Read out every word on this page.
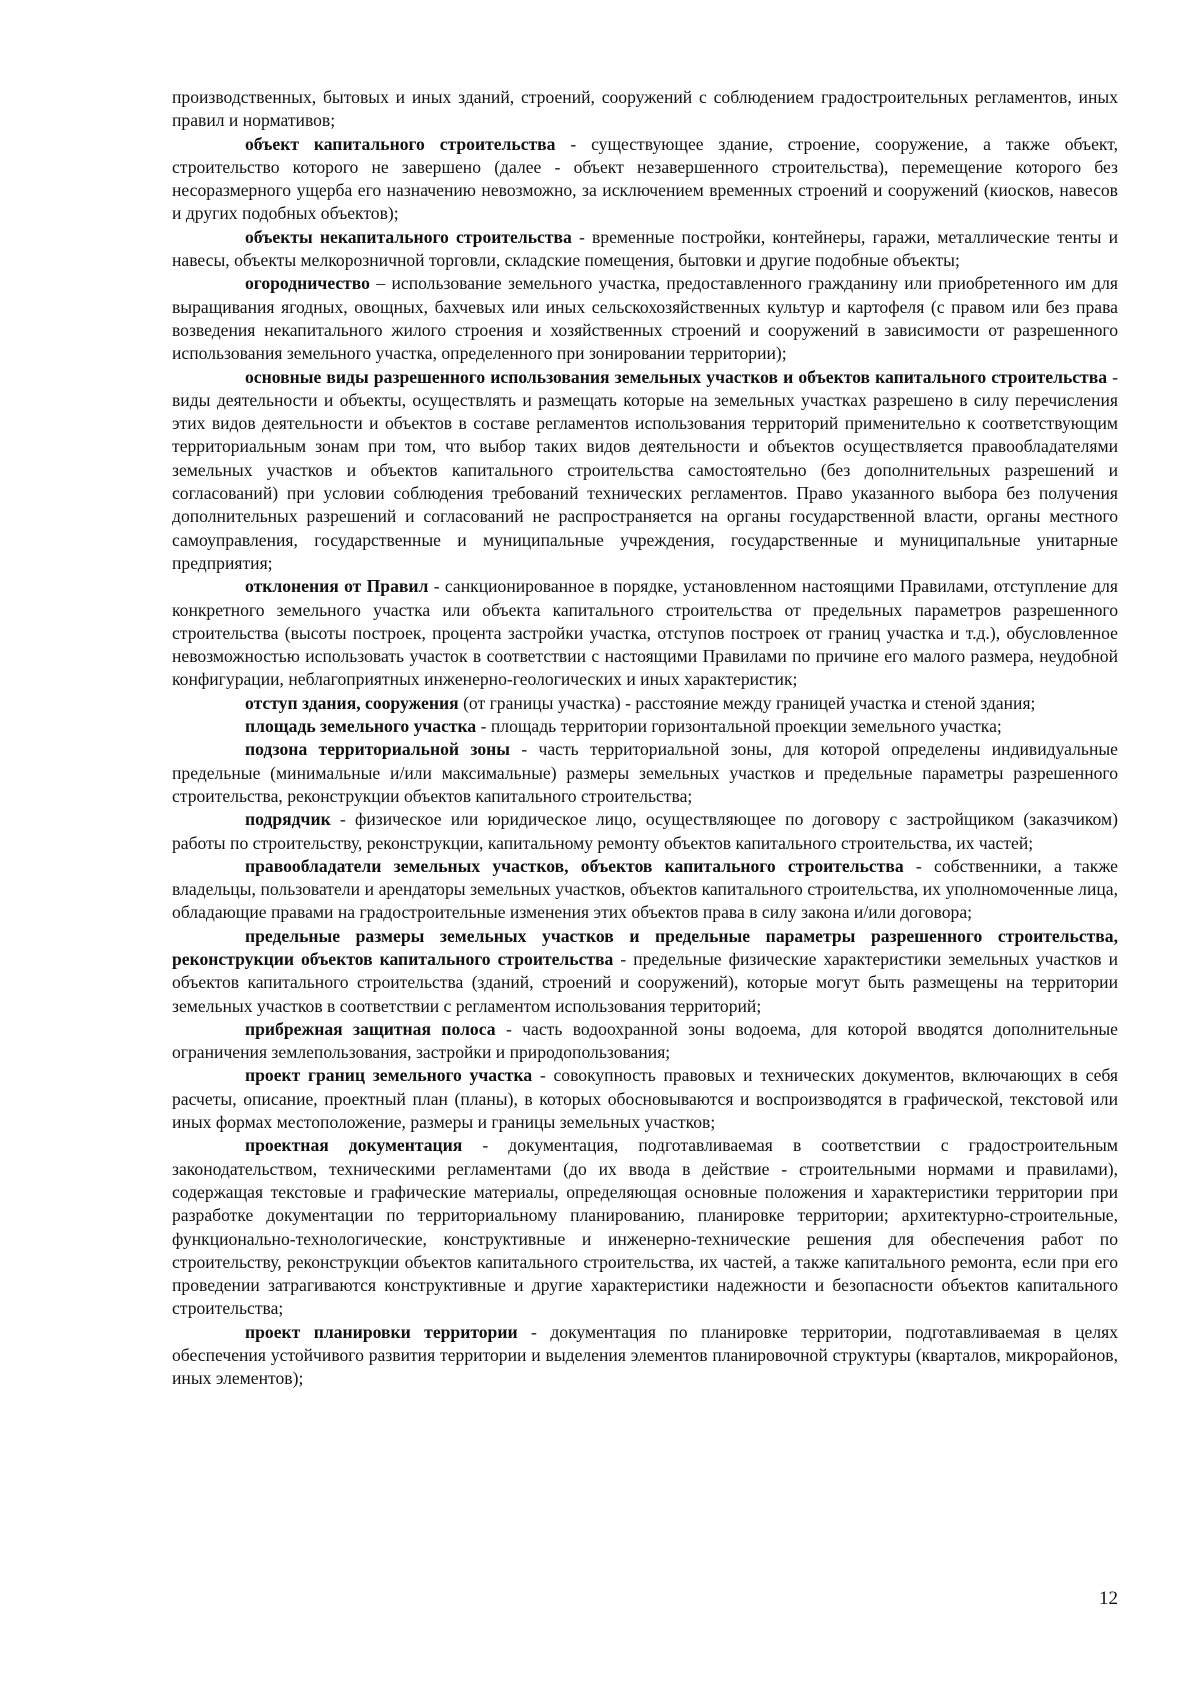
производственных, бытовых и иных зданий, строений, сооружений с соблюдением градостроительных регламентов, иных правил и нормативов;

объект капитального строительства - существующее здание, строение, сооружение, а также объект, строительство которого не завершено (далее - объект незавершенного строительства), перемещение которого без несоразмерного ущерба его назначению невозможно, за исключением временных строений и сооружений (киосков, навесов и других подобных объектов);

объекты некапитального строительства - временные постройки, контейнеры, гаражи, металлические тенты и навесы, объекты мелкорозничной торговли, складские помещения, бытовки и другие подобные объекты;

огородничество – использование земельного участка, предоставленного гражданину или приобретенного им для выращивания ягодных, овощных, бахчевых или иных сельскохозяйственных культур и картофеля (с правом или без права возведения некапитального жилого строения и хозяйственных строений и сооружений в зависимости от разрешенного использования земельного участка, определенного при зонировании территории);

основные виды разрешенного использования земельных участков и объектов капитального строительства - виды деятельности и объекты, осуществлять и размещать которые на земельных участках разрешено в силу перечисления этих видов деятельности и объектов в составе регламентов использования территорий применительно к соответствующим территориальным зонам при том, что выбор таких видов деятельности и объектов осуществляется правообладателями земельных участков и объектов капитального строительства самостоятельно (без дополнительных разрешений и согласований) при условии соблюдения требований технических регламентов. Право указанного выбора без получения дополнительных разрешений и согласований не распространяется на органы государственной власти, органы местного самоуправления, государственные и муниципальные учреждения, государственные и муниципальные унитарные предприятия;

отклонения от Правил - санкционированное в порядке, установленном настоящими Правилами, отступление для конкретного земельного участка или объекта капитального строительства от предельных параметров разрешенного строительства (высоты построек, процента застройки участка, отступов построек от границ участка и т.д.), обусловленное невозможностью использовать участок в соответствии с настоящими Правилами по причине его малого размера, неудобной конфигурации, неблагоприятных инженерно-геологических и иных характеристик;

отступ здания, сооружения (от границы участка) - расстояние между границей участка и стеной здания;

площадь земельного участка - площадь территории горизонтальной проекции земельного участка;

подзона территориальной зоны - часть территориальной зоны, для которой определены индивидуальные предельные (минимальные и/или максимальные) размеры земельных участков и предельные параметры разрешенного строительства, реконструкции объектов капитального строительства;

подрядчик - физическое или юридическое лицо, осуществляющее по договору с застройщиком (заказчиком) работы по строительству, реконструкции, капитальному ремонту объектов капитального строительства, их частей;

правообладатели земельных участков, объектов капитального строительства - собственники, а также владельцы, пользователи и арендаторы земельных участков, объектов капитального строительства, их уполномоченные лица, обладающие правами на градостроительные изменения этих объектов права в силу закона и/или договора;

предельные размеры земельных участков и предельные параметры разрешенного строительства, реконструкции объектов капитального строительства - предельные физические характеристики земельных участков и объектов капитального строительства (зданий, строений и сооружений), которые могут быть размещены на территории земельных участков в соответствии с регламентом использования территорий;

прибрежная защитная полоса - часть водоохранной зоны водоема, для которой вводятся дополнительные ограничения землепользования, застройки и природопользования;

проект границ земельного участка - совокупность правовых и технических документов, включающих в себя расчеты, описание, проектный план (планы), в которых обосновываются и воспроизводятся в графической, текстовой или иных формах местоположение, размеры и границы земельных участков;

проектная документация - документация, подготавливаемая в соответствии с градостроительным законодательством, техническими регламентами (до их ввода в действие - строительными нормами и правилами), содержащая текстовые и графические материалы, определяющая основные положения и характеристики территории при разработке документации по территориальному планированию, планировке территории; архитектурно-строительные, функционально-технологические, конструктивные и инженерно-технические решения для обеспечения работ по строительству, реконструкции объектов капитального строительства, их частей, а также капитального ремонта, если при его проведении затрагиваются конструктивные и другие характеристики надежности и безопасности объектов капитального строительства;

проект планировки территории - документация по планировке территории, подготавливаемая в целях обеспечения устойчивого развития территории и выделения элементов планировочной структуры (кварталов, микрорайонов, иных элементов);

12
